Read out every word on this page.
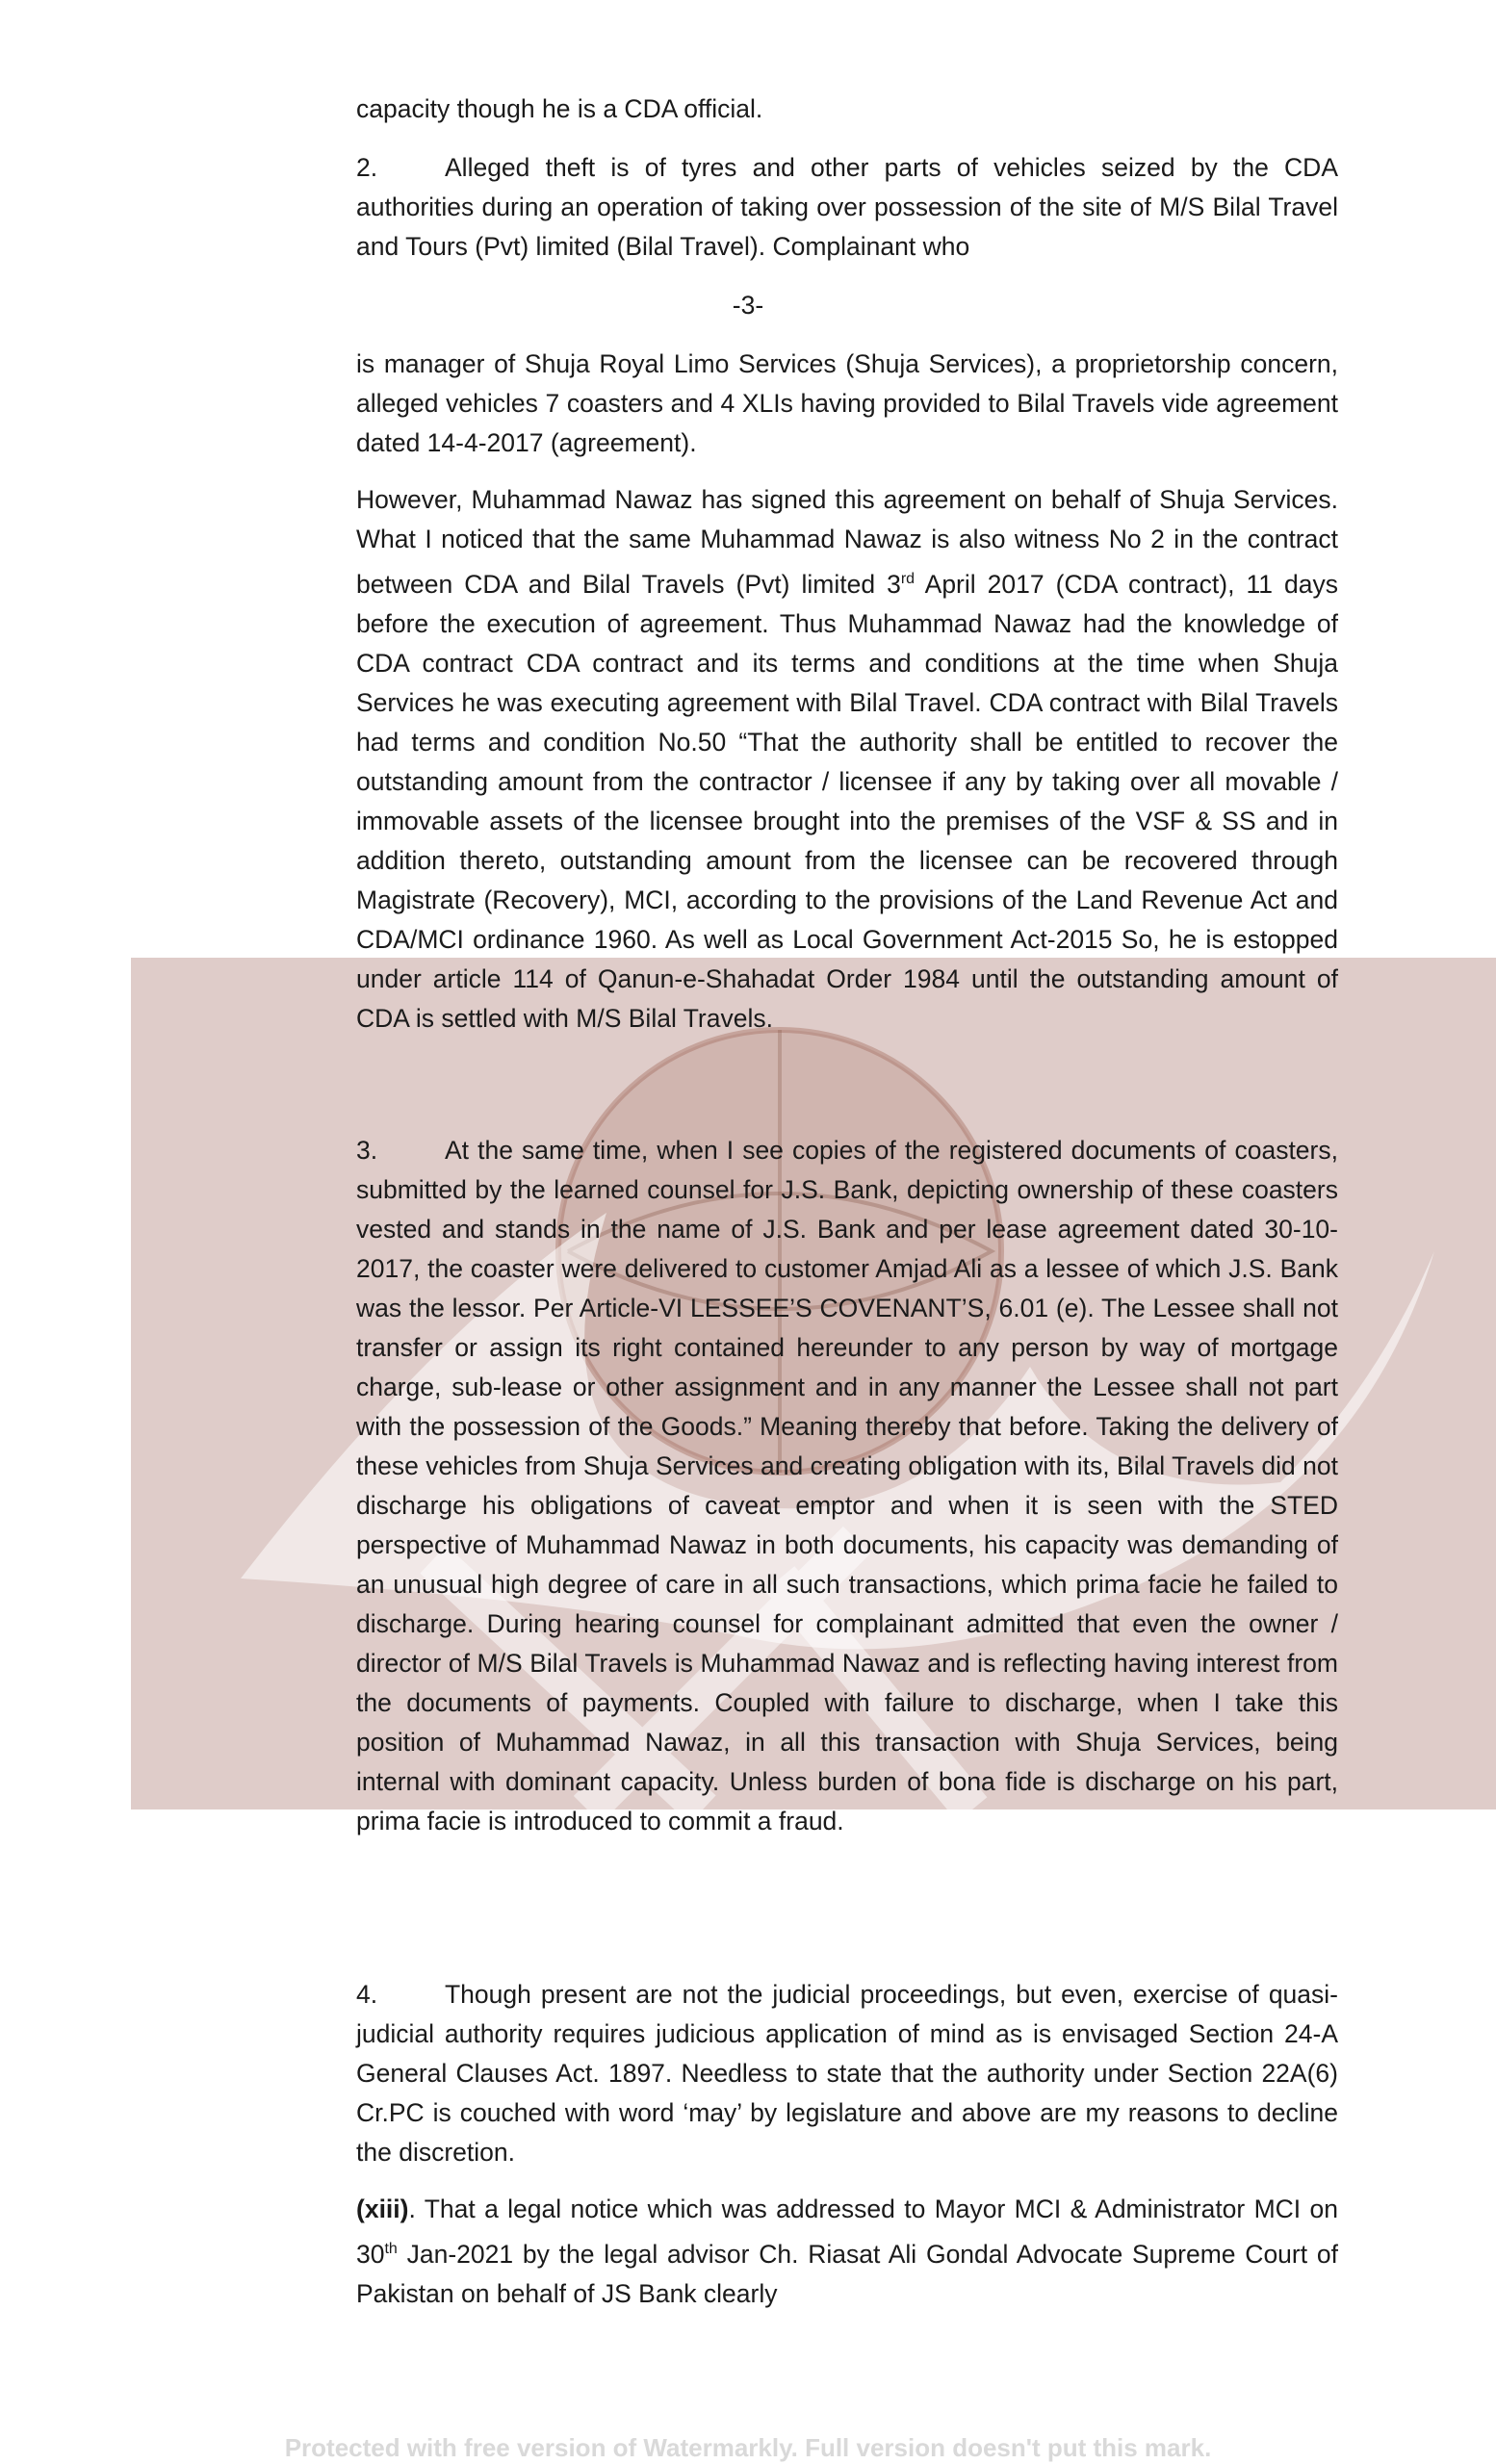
capacity though he is a CDA official.
2.	Alleged theft is of tyres and other parts of vehicles seized by the CDA authorities during an operation of taking over possession of the site of M/S Bilal Travel and Tours (Pvt) limited (Bilal Travel). Complainant who
-3-
is manager of Shuja Royal Limo Services (Shuja Services), a proprietorship concern, alleged vehicles 7 coasters and 4 XLIs having provided to Bilal Travels vide agreement dated 14-4-2017 (agreement).
However, Muhammad Nawaz has signed this agreement on behalf of Shuja Services. What I noticed that the same Muhammad Nawaz is also witness No 2 in the contract between CDA and Bilal Travels (Pvt) limited 3rd April 2017 (CDA contract), 11 days before the execution of agreement. Thus Muhammad Nawaz had the knowledge of CDA contract CDA contract and its terms and conditions at the time when Shuja Services he was executing agreement with Bilal Travel. CDA contract with Bilal Travels had terms and condition No.50 “That the authority shall be entitled to recover the outstanding amount from the contractor / licensee if any by taking over all movable / immovable assets of the licensee brought into the premises of the VSF & SS and in addition thereto, outstanding amount from the licensee can be recovered through Magistrate (Recovery), MCI, according to the provisions of the Land Revenue Act and CDA/MCI ordinance 1960. As well as Local Government Act-2015 So, he is estopped under article 114 of Qanun-e-Shahadat Order 1984 until the outstanding amount of CDA is settled with M/S Bilal Travels.
3.	At the same time, when I see copies of the registered documents of coasters, submitted by the learned counsel for J.S. Bank, depicting ownership of these coasters vested and stands in the name of J.S. Bank and per lease agreement dated 30-10-2017, the coaster were delivered to customer Amjad Ali as a lessee of which J.S. Bank was the lessor. Per Article-VI LESSEE’S COVENANT’S, 6.01 (e). The Lessee shall not transfer or assign its right contained hereunder to any person by way of mortgage charge, sub-lease or other assignment and in any manner the Lessee shall not part with the possession of the Goods.” Meaning thereby that before. Taking the delivery of these vehicles from Shuja Services and creating obligation with its, Bilal Travels did not discharge his obligations of caveat emptor and when it is seen with the STED perspective of Muhammad Nawaz in both documents, his capacity was demanding of an unusual high degree of care in all such transactions, which prima facie he failed to discharge. During hearing counsel for complainant admitted that even the owner / director of M/S Bilal Travels is Muhammad Nawaz and is reflecting having interest from the documents of payments. Coupled with failure to discharge, when I take this position of Muhammad Nawaz, in all this transaction with Shuja Services, being internal with dominant capacity. Unless burden of bona fide is discharge on his part, prima facie is introduced to commit a fraud.
4.	Though present are not the judicial proceedings, but even, exercise of quasi-judicial authority requires judicious application of mind as is envisaged Section 24-A General Clauses Act. 1897. Needless to state that the authority under Section 22A(6) Cr.PC is couched with word ‘may’ by legislature and above are my reasons to decline the discretion.
(xiii). That a legal notice which was addressed to Mayor MCI & Administrator MCI on 30th Jan-2021 by the legal advisor Ch. Riasat Ali Gondal Advocate Supreme Court of Pakistan on behalf of JS Bank clearly
Protected with free version of Watermarkly. Full version doesn't put this mark.
